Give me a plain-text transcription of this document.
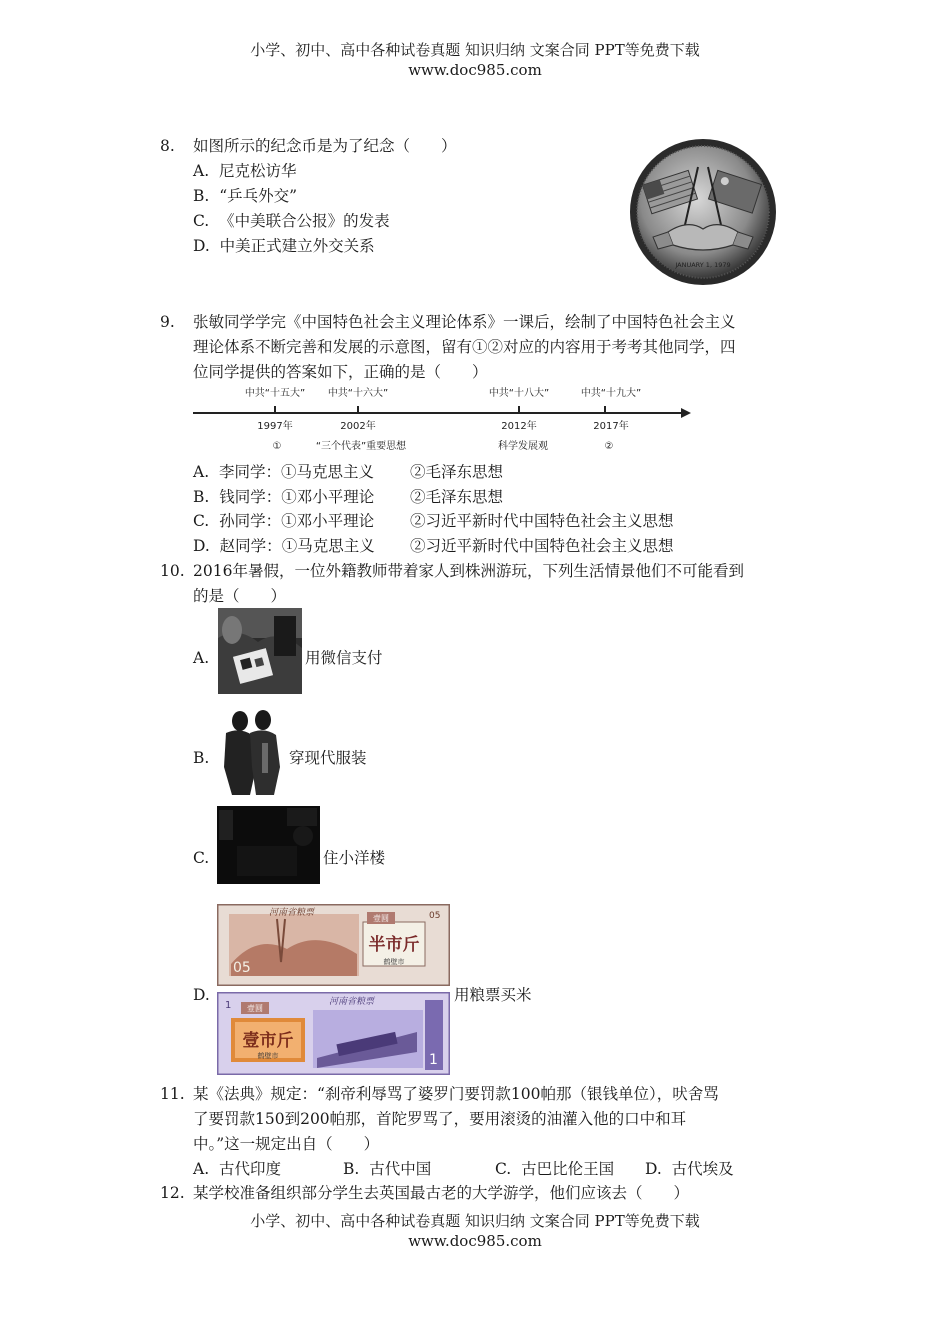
小学、初中、高中各种试卷真题 知识归纳 文案合同 PPT等免费下载
www.doc985.com
8. 如图所示的纪念币是为了纪念（　　）
A. 尼克松访华
B. “乒乓外交”
C. 《中美联合公报》的发表
D. 中美正式建立外交关系
JANUARY 1, 1979
9. 张敏同学学完《中国特色社会主义理论体系》一课后，绘制了中国特色社会主义
理论体系不断完善和发展的示意图，留有①②对应的内容用于考考其他同学，四
位同学提供的答案如下，正确的是（　　）
中共“十五大” 中共“十六大”	中共“十八大”	中共“十九大”
1997年	2002年	2012年	2017年
①	“三个代表”重要思想	科学发展观	②
A. 李同学：①马克思主义 ②毛泽东思想
B. 钱同学：①邓小平理论 ②毛泽东思想
C. 孙同学：①邓小平理论 ②习近平新时代中国特色社会主义思想
D. 赵同学：①马克思主义 ②习近平新时代中国特色社会主义思想
10. 2016年暑假，一位外籍教师带着家人到株洲游玩，下列生活情景他们不可能看到
的是（　　）
A.	用微信支付
B.	穿现代服装
C.	住小洋楼
D.
壹圆
河南省粮票
半市斤
鹤壁市
05
05
壹圆
河南省粮票
壹市斤
鹤壁市
1
1
用粮票买米
11. 某《法典》规定：“刹帝利辱骂了婆罗门要罚款100帕那（银钱单位），吠舍骂
了要罚款150到200帕那，首陀罗骂了，要用滚烫的油灌入他的口中和耳
中。”这一规定出自（　　）
A. 古代印度	B. 古代中国	C. 古巴比伦王国 D. 古代埃及
12. 某学校准备组织部分学生去英国最古老的大学游学，他们应该去（　　）
小学、初中、高中各种试卷真题 知识归纳 文案合同 PPT等免费下载
www.doc985.com
